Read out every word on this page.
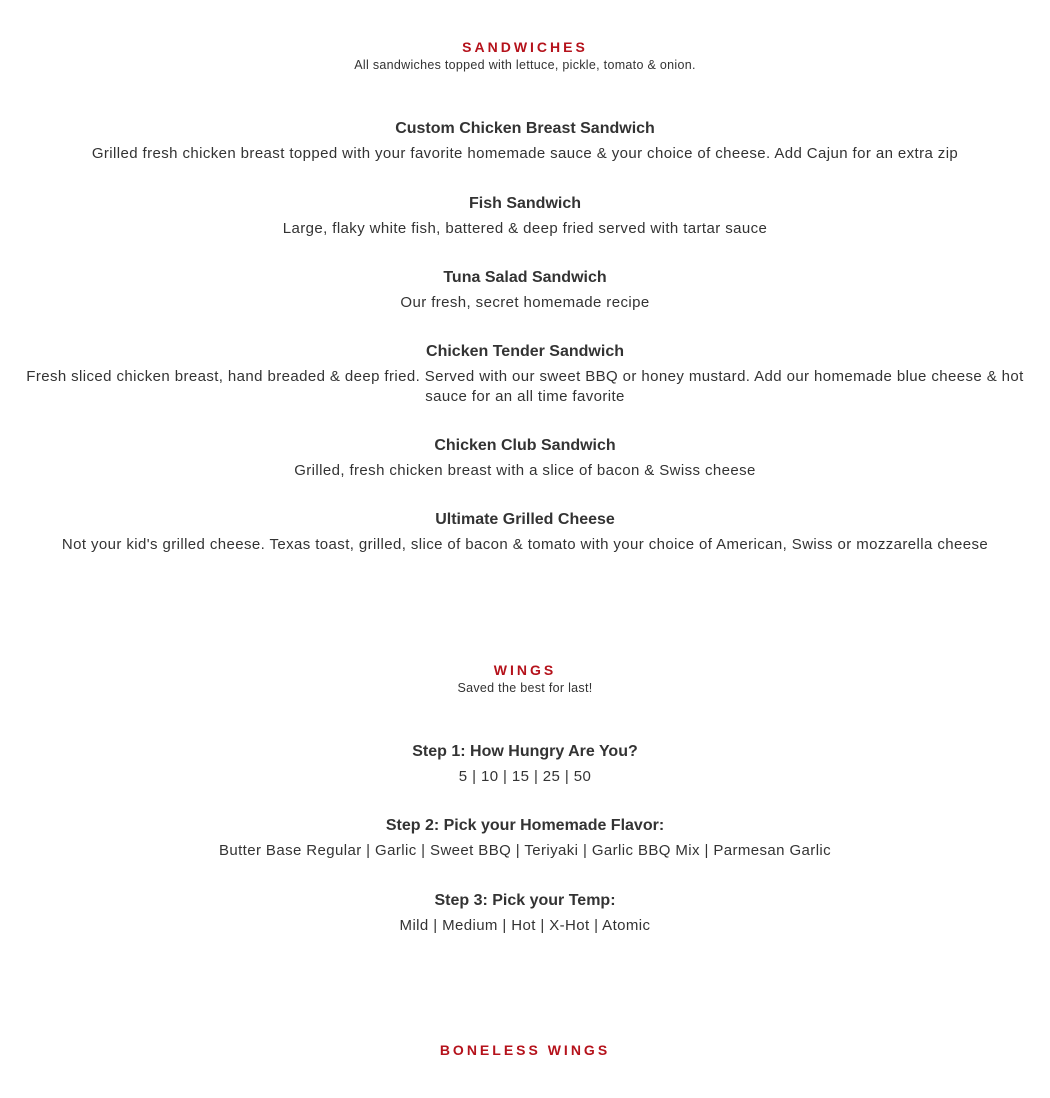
SANDWICHES

All sandwiches topped with lettuce, pickle, tomato & onion.

Custom Chicken Breast Sandwich

Grilled fresh chicken breast topped with your favorite homemade sauce & your choice of cheese. Add Cajun for an extra zip

Fish Sandwich

Large, flaky white fish, battered & deep fried served with tartar sauce

Tuna Salad Sandwich

Our fresh, secret homemade recipe

Chicken Tender Sandwich

Fresh sliced chicken breast, hand breaded & deep fried. Served with our sweet BBQ or honey mustard. Add our homemade blue cheese & hot sauce for an all time favorite

Chicken Club Sandwich

Grilled, fresh chicken breast with a slice of bacon & Swiss cheese

Ultimate Grilled Cheese

Not your kid's grilled cheese. Texas toast, grilled, slice of bacon & tomato with your choice of American, Swiss or mozzarella cheese

WINGS

Saved the best for last!

Step 1: How Hungry Are You?

5 | 10 | 15 | 25 | 50

Step 2: Pick your Homemade Flavor:

Butter Base Regular | Garlic | Sweet BBQ | Teriyaki | Garlic BBQ Mix | Parmesan Garlic

Step 3: Pick your Temp:

Mild | Medium | Hot | X-Hot | Atomic

BONELESS WINGS
